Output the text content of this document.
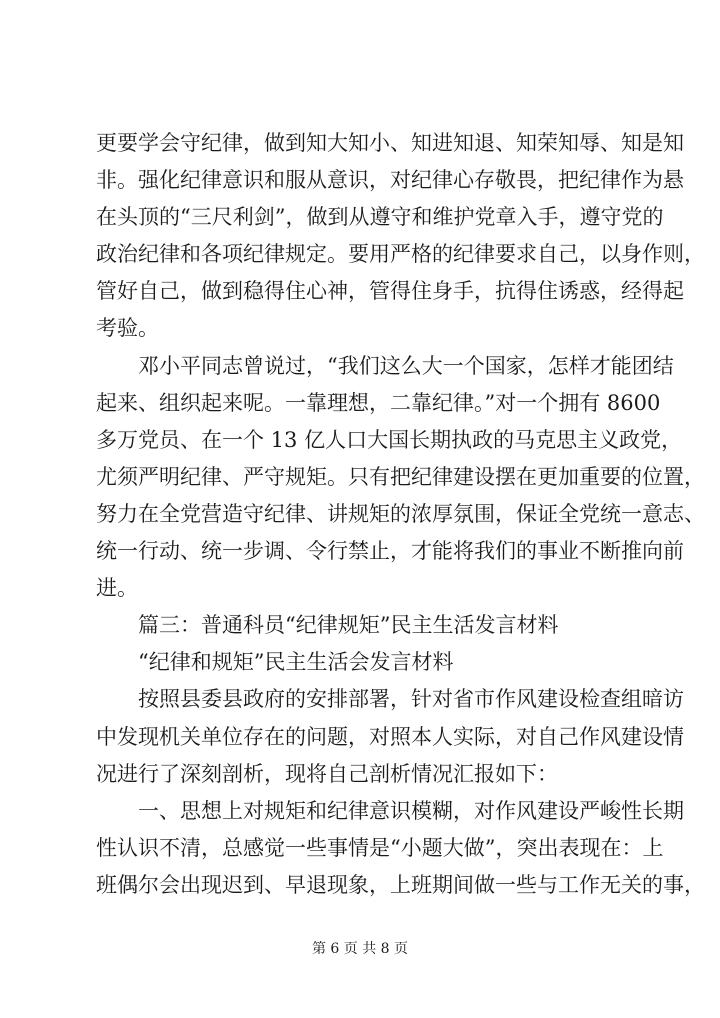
更要学会守纪律，做到知大知小、知进知退、知荣知辱、知是知
非。强化纪律意识和服从意识，对纪律心存敬畏，把纪律作为悬
在头顶的“三尺利剑”，做到从遵守和维护党章入手，遵守党的
政治纪律和各项纪律规定。要用严格的纪律要求自己，以身作则，
管好自己，做到稳得住心神，管得住身手，抗得住诱惑，经得起
考验。
邓小平同志曾说过，“我们这么大一个国家，怎样才能团结
起来、组织起来呢。一靠理想，二靠纪律。”对一个拥有 8600
多万党员、在一个 13 亿人口大国长期执政的马克思主义政党，
尤须严明纪律、严守规矩。只有把纪律建设摆在更加重要的位置，
努力在全党营造守纪律、讲规矩的浓厚氛围，保证全党统一意志、
统一行动、统一步调、令行禁止，才能将我们的事业不断推向前
进。
篇三：普通科员“纪律规矩”民主生活发言材料
“纪律和规矩”民主生活会发言材料
按照县委县政府的安排部署，针对省市作风建设检查组暗访
中发现机关单位存在的问题，对照本人实际，对自己作风建设情
况进行了深刻剖析，现将自己剖析情况汇报如下：
一、思想上对规矩和纪律意识模糊，对作风建设严峻性长期
性认识不清，总感觉一些事情是“小题大做”，突出表现在：上
班偶尔会出现迟到、早退现象，上班期间做一些与工作无关的事，
第 6 页 共 8 页
